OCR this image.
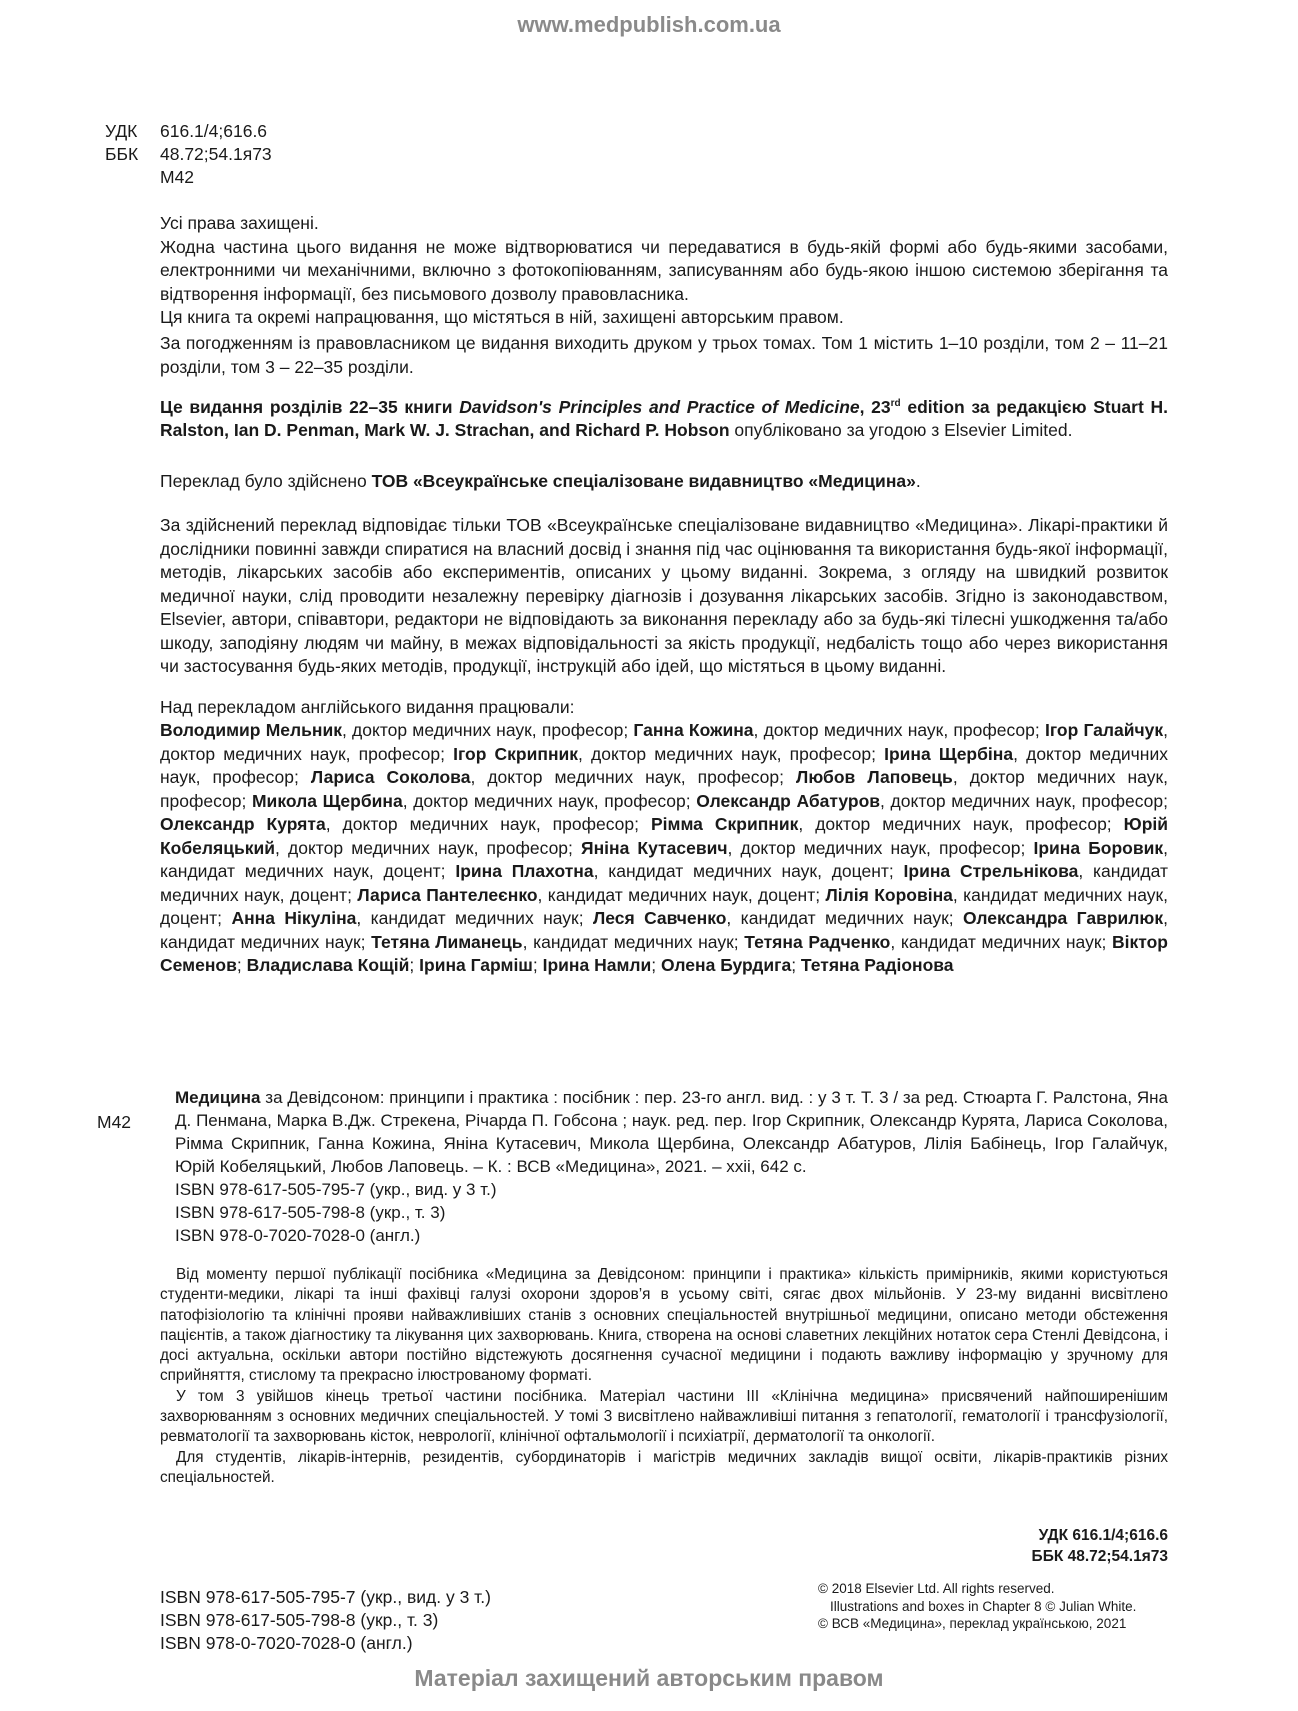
www.medpublish.com.ua
УДК	616.1/4;616.6
ББК	48.72;54.1я73
М42

Усі права захищені.

Жодна частина цього видання не може відтворюватися чи передаватися в будь-якій формі або будь-якими засобами, електронними чи механічними, включно з фотокопіюванням, записуванням або будь-якою іншою системою зберігання та відтворення інформації, без письмового дозволу правовласника.

Ця книга та окремі напрацювання, що містяться в ній, захищені авторським правом.

За погодженням із правовласником це видання виходить друком у трьох томах. Том 1 містить 1–10 розділи, том 2 – 11–21 розділи, том 3 – 22–35 розділи.

Це видання розділів 22–35 книги Davidson's Principles and Practice of Medicine, 23rd edition за редакцією Stuart H. Ralston, Ian D. Penman, Mark W. J. Strachan, and Richard P. Hobson опубліковано за угодою з Elsevier Limited.

Переклад було здійснено ТОВ «Всеукраїнське спеціалізоване видавництво «Медицина».

За здійснений переклад відповідає тільки ТОВ «Всеукраїнське спеціалізоване видавництво «Медицина». Лікарі-практики й дослідники повинні завжди спиратися на власний досвід і знання під час оцінювання та використання будь-якої інформації, методів, лікарських засобів або експериментів, описаних у цьому виданні. Зокрема, з огляду на швидкий розвиток медичної науки, слід проводити незалежну перевірку діагнозів і дозування лікарських засобів. Згідно із законодавством, Elsevier, автори, співавтори, редактори не відповідають за виконання перекладу або за будь-які тілесні ушкодження та/або шкоду, заподіяну людям чи майну, в межах відповідальності за якість продукції, недбалість тощо або через використання чи застосування будь-яких методів, продукції, інструкцій або ідей, що містяться в цьому виданні.

Над перекладом англійського видання працювали:

Володимир Мельник, доктор медичних наук, професор; Ганна Кожина, доктор медичних наук, професор; Ігор Галайчук, доктор медичних наук, професор; Ігор Скрипник, доктор медичних наук, професор; Ірина Щербіна, доктор медичних наук, професор; Лариса Соколова, доктор медичних наук, професор; Любов Лаповець, доктор медичних наук, професор; Микола Щербина, доктор медичних наук, професор; Олександр Абатуров, доктор медичних наук, професор; Олександр Курята, доктор медичних наук, професор; Рімма Скрипник, доктор медичних наук, професор; Юрій Кобеляцький, доктор медичних наук, професор; Яніна Кутасевич, доктор медичних наук, професор; Ірина Боровик, кандидат медичних наук, доцент; Ірина Плахотна, кандидат медичних наук, доцент; Ірина Стрельнікова, кандидат медичних наук, доцент; Лариса Пантелеєнко, кандидат медичних наук, доцент; Лілія Коровіна, кандидат медичних наук, доцент; Анна Нікуліна, кандидат медичних наук; Леся Савченко, кандидат медичних наук; Олександра Гаврилюк, кандидат медичних наук; Тетяна Лиманець, кандидат медичних наук; Тетяна Радченко, кандидат медичних наук; Віктор Семенов; Владислава Кощій; Ірина Гарміш; Ірина Намли; Олена Бурдига; Тетяна Радіонова

М42

Медицина за Девідсоном: принципи і практика : посібник : пер. 23-го англ. вид. : у 3 т. Т. 3 / за ред. Стюарта Г. Ралстона, Яна Д. Пенмана, Марка В.Дж. Стрекена, Річарда П. Гобсона ; наук. ред. пер. Ігор Скрипник, Олександр Курята, Лариса Соколова, Рімма Скрипник, Ганна Кожина, Яніна Кутасевич, Микола Щербина, Олександр Абатуров, Лілія Бабінець, Ігор Галайчук, Юрій Кобеляцький, Любов Лаповець. – К. : ВСВ «Медицина», 2021. – xxii, 642 с.

ISBN 978-617-505-795-7 (укр., вид. у 3 т.)
ISBN 978-617-505-798-8 (укр., т. 3)
ISBN 978-0-7020-7028-0 (англ.)

Від моменту першої публікації посібника «Медицина за Девідсоном: принципи і практика» кількість примірників, якими користуються студенти-медики, лікарі та інші фахівці галузі охорони здоров’я в усьому світі, сягає двох мільйонів. У 23-му виданні висвітлено патофізіологію та клінічні прояви найважливіших станів з основних спеціальностей внутрішньої медицини, описано методи обстеження пацієнтів, а також діагностику та лікування цих захворювань. Книга, створена на основі славетних лекційних нотаток сера Стенлі Девідсона, і досі актуальна, оскільки автори постійно відстежують досягнення сучасної медицини і подають важливу інформацію у зручному для сприйняття, стислому та прекрасно ілюстрованому форматі.

У том 3 увійшов кінець третьої частини посібника. Матеріал частини ІІІ «Клінічна медицина» присвячений найпоширенішим захворюванням з основних медичних спеціальностей. У томі 3 висвітлено найважливіші питання з гепатології, гематології і трансфузіології, ревматології та захворювань кісток, неврології, клінічної офтальмології і психіатрії, дерматології та онкології.

Для студентів, лікарів-інтернів, резидентів, субординаторів і магістрів медичних закладів вищої освіти, лікарів-практиків різних спеціальностей.

УДК 616.1/4;616.6
ББК 48.72;54.1я73
ISBN 978-617-505-795-7 (укр., вид. у 3 т.)
ISBN 978-617-505-798-8 (укр., т. 3)
ISBN 978-0-7020-7028-0 (англ.)
© 2018 Elsevier Ltd. All rights reserved.
Illustrations and boxes in Chapter 8 © Julian White.
© ВСВ «Медицина», переклад українською, 2021
Матеріал захищений авторським правом
